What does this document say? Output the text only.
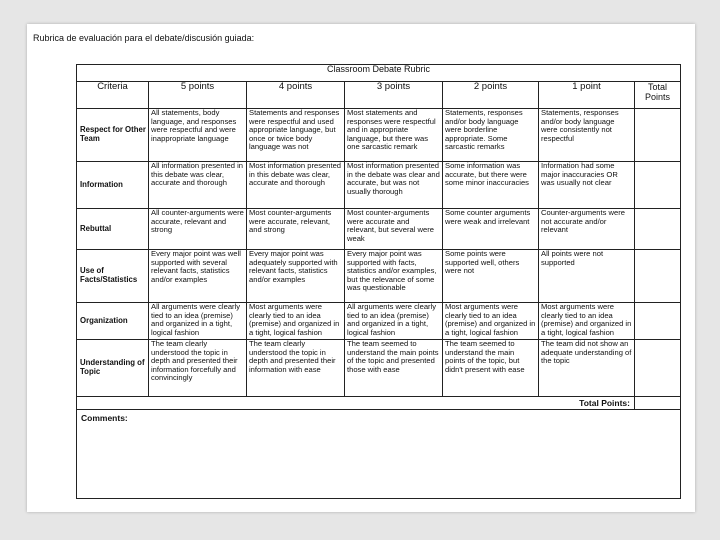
Rubrica de evaluación para el debate/discusión guiada:
Classroom Debate Rubric						
Criteria	5 points	4 points	3 points	2 points	1 point	Total Points
Respect for Other Team	All statements, body language, and responses were respectful and were inappropriate language	Statements and responses were respectful and used appropriate language, but once or twice body language was not	Most statements and responses were respectful and in appropriate language, but there was one sarcastic remark	Statements, responses and/or body language were borderline appropriate. Some sarcastic remarks	Statements, responses and/or body language were consistently not respectful	
Information	All information presented in this debate was clear, accurate and thorough	Most information presented in this debate was clear, accurate and thorough	Most information presented in the debate was clear and accurate, but was not usually thorough	Some information was accurate, but there were some minor inaccuracies	Information had some major inaccuracies OR was usually not clear	
Rebuttal	All counter-arguments were accurate, relevant and strong	Most counter-arguments were accurate, relevant, and strong	Most counter-arguments were accurate and relevant, but several were weak	Some counter arguments were weak and irrelevant	Counter-arguments were not accurate and/or relevant	
Use of Facts/Statistics	Every major point was well supported with several relevant facts, statistics and/or examples	Every major point was adequately supported with relevant facts, statistics and/or examples	Every major point was supported with facts, statistics and/or examples, but the relevance of some was questionable	Some points were supported well, others were not	All points were not supported	
Organization	All arguments were clearly tied to an idea (premise) and organized in a tight, logical fashion	Most arguments were clearly tied to an idea (premise) and organized in a tight, logical fashion	All arguments were clearly tied to an idea (premise) and organized in a tight, logical fashion	Most arguments were clearly tied to an idea (premise) and organized in a tight, logical fashion	Most arguments were clearly tied to an idea (premise) and organized in a tight, logical fashion	
Understanding of Topic	The team clearly understood the topic in depth and presented their information forcefully and convincingly	The team clearly understood the topic in depth and presented their information with ease	The team seemed to understand the main points of the topic and presented those with ease	The team seemed to understand the main points of the topic, but didn't present with ease	The team did not show an adequate understanding of the topic	
Total Points:						
Comments:						
